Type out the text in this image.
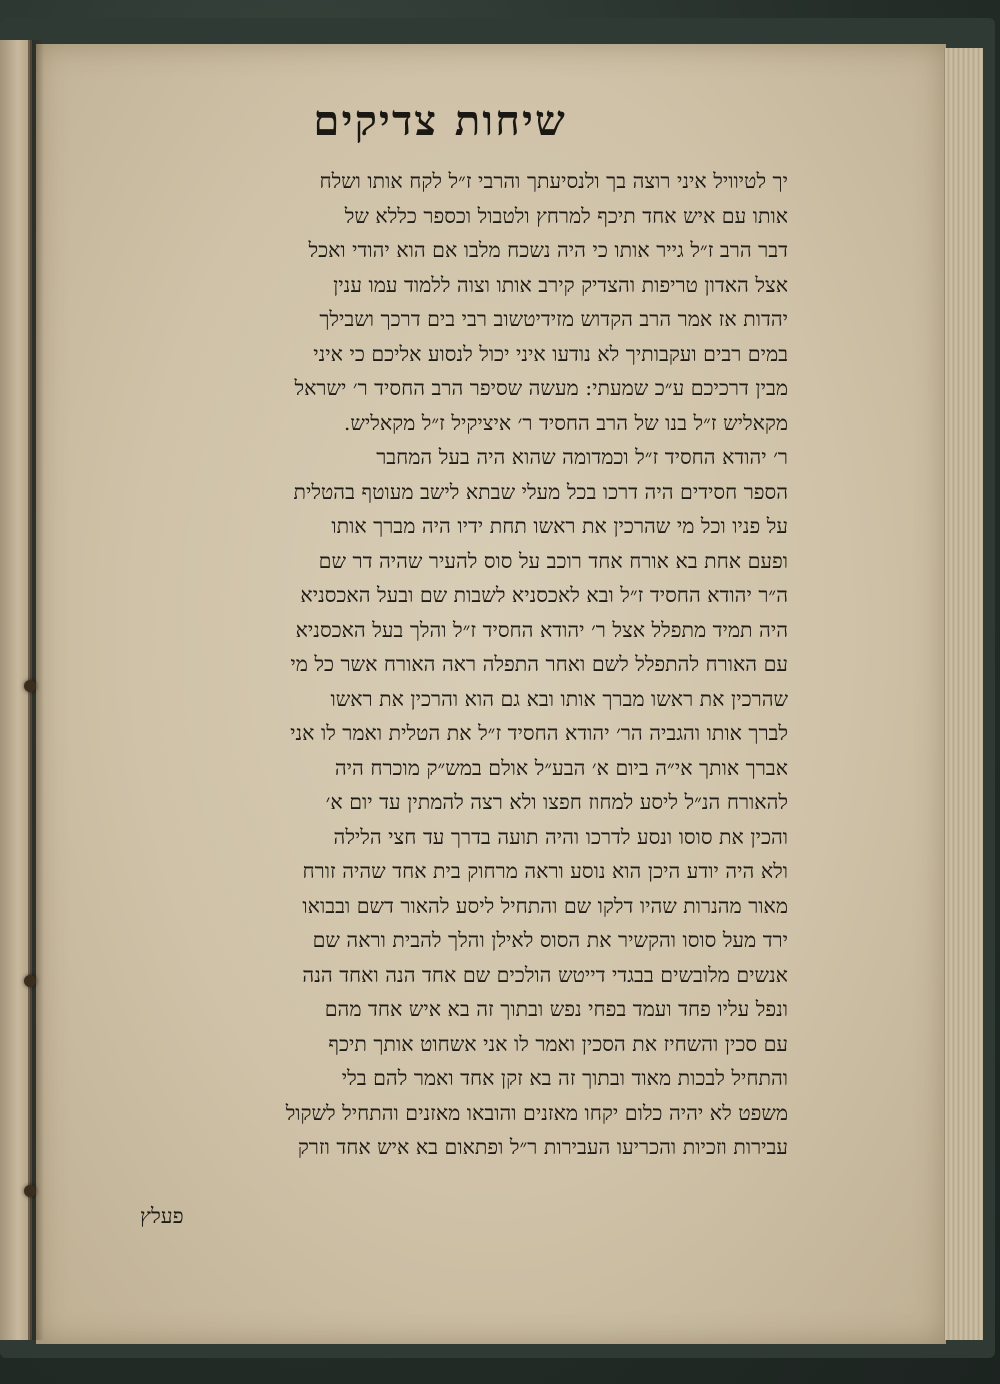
שיחות צדיקים
יך לטיוויל איני רוצה בך ולנסיעתך והרבי ז״ל לקח אותו ושלח
אותו עם איש אחד תיכף למרחץ ולטבול וכספר כללא של
דבר הרב ז״ל גייר אותו כי היה נשכח מלבו אם הוא יהודי ואכל
אצל האדון טריפות והצדיק קירב אותו וצוה ללמוד עמו ענין
יהדות אז אמר הרב הקדוש מזידיטשוב רבי בים דרכך ושבילך
במים רבים ועקבותיך לא נודעו איני יכול לנסוע אליכם כי איני
מבין דרכיכם ע״כ שמעתי: מעשה שסיפר הרב החסיד ר׳ ישראל
מקאליש ז״ל בנו של הרב החסיד ר׳ איציקיל ז״ל מקאליש.
ר׳ יהודא החסיד ז״ל וכמדומה שהוא היה בעל המחבר
הספר חסידים היה דרכו בכל מעלי שבתא לישב מעוטף בהטלית
על פניו וכל מי שהרכין את ראשו תחת ידיו היה מברך אותו
ופעם אחת בא אורח אחד רוכב על סוס להעיר שהיה דר שם
ה״ר יהודא החסיד ז״ל ובא לאכסניא לשבות שם ובעל האכסניא
היה תמיד מתפלל אצל ר׳ יהודא החסיד ז״ל והלך בעל האכסניא
עם האורח להתפלל לשם ואחר התפלה ראה האורח אשר כל מי
שהרכין את ראשו מברך אותו ובא גם הוא והרכין את ראשו
לברך אותו והגביה הר׳ יהודא החסיד ז״ל את הטלית ואמר לו אני
אברך אותך אי״ה ביום א׳ הבע״ל אולם במש״ק מוכרח היה
להאורח הנ״ל ליסע למחוז חפצו ולא רצה להמתין עד יום א׳
והכין את סוסו ונסע לדרכו והיה תועה בדרך עד חצי הלילה
ולא היה יודע היכן הוא נוסע וראה מרחוק בית אחד שהיה זורח
מאור מהנרות שהיו דלקו שם והתחיל ליסע להאור דשם ובבואו
ירד מעל סוסו והקשיר את הסוס לאילן והלך להבית וראה שם
אנשים מלובשים בבגדי דייטש הולכים שם אחד הנה ואחד הנה
ונפל עליו פחד ועמד בפחי נפש ובתוך זה בא איש אחד מהם
עם סכין והשחיז את הסכין ואמר לו אני אשחוט אותך תיכף
והתחיל לבכות מאוד ובתוך זה בא זקן אחד ואמר להם בלי
משפט לא יהיה כלום יקחו מאזנים והובאו מאזנים והתחיל לשקול
עבירות וזכיות והכריעו העבירות ר״ל ופתאום בא איש אחד וזרק
פעלץ
